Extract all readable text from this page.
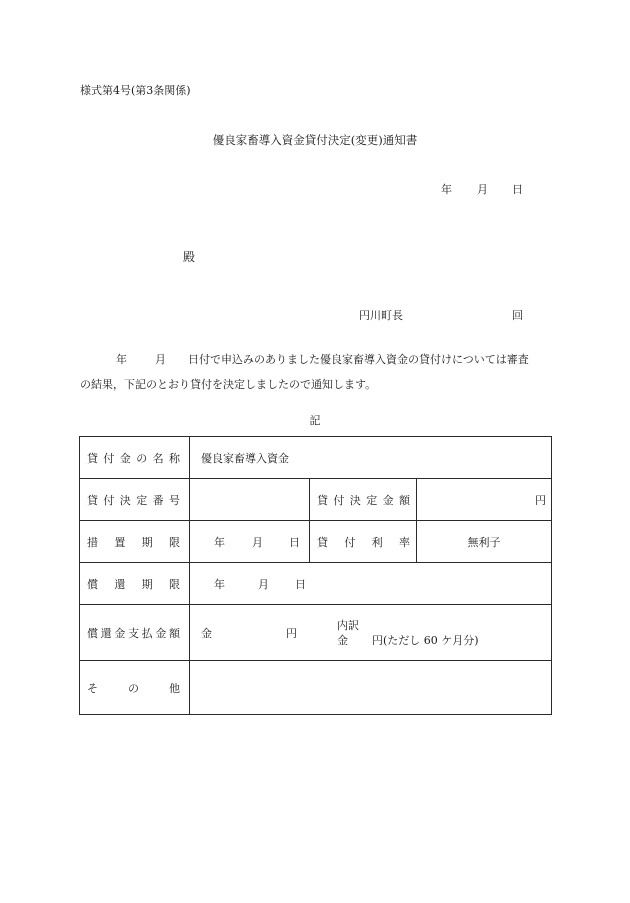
様式第4号(第3条関係)
優良家畜導入資金貸付決定(変更)通知書
年 月 日
殿
円川町長	回
年	月 日付で申込みのありました優良家畜導入資金の貸付けについては審査
の結果，下記のとおり貸付を決定しましたので通知します。
記
貸付金の名称	優良家畜導入資金		

貸付決定番号		貸付決定金額	円

措置期限	年 月 日	貸付利率	無利子

償還期限	年 月 日		

償還金支払金額	金 円
内訳
金 円(ただし 60 ケ月分)		

その他			
